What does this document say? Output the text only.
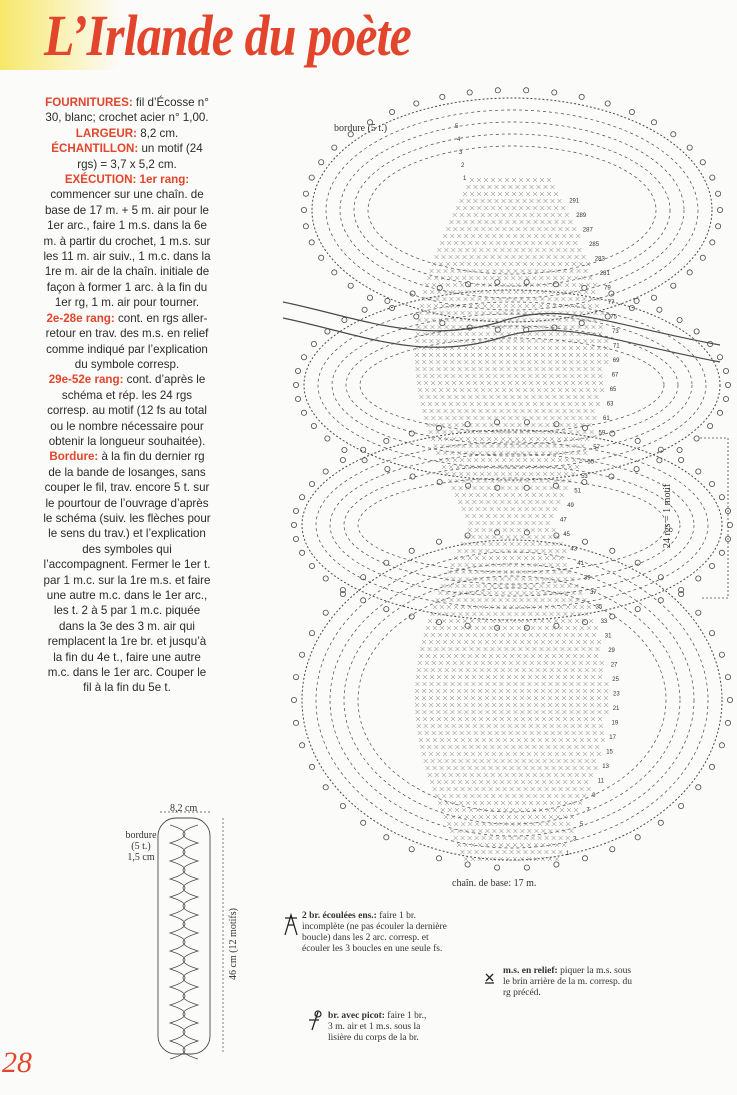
L’Irlande du poète

FOURNITURES: fil d’Écosse n° 30, blanc; crochet acier n° 1,00.

LARGEUR: 8,2 cm.

ÉCHANTILLON: un motif (24 rgs) = 3,7 x 5,2 cm.

EXÉCUTION: 1er rang: commencer sur une chaîn. de base de 17 m. + 5 m. air pour le 1er arc., faire 1 m.s. dans la 6e m. à partir du crochet, 1 m.s. sur les 11 m. air suiv., 1 m.c. dans la 1re m. air de la chaîn. initiale de façon à former 1 arc. à la fin du 1er rg, 1 m. air pour tourner.

2e-28e rang: cont. en rgs aller-retour en trav. des m.s. en relief comme indiqué par l’explication du symbole corresp.

29e-52e rang: cont. d’après le schéma et rép. les 24 rgs corresp. au motif (12 fs au total ou le nombre nécessaire pour obtenir la longueur souhaitée).

Bordure: à la fin du dernier rg de la bande de losanges, sans couper le fil, trav. encore 5 t. sur le pourtour de l’ouvrage d’après le schéma (suiv. les flèches pour le sens du trav.) et l’explication des symboles qui l’accompagnent. Fermer le 1er t. par 1 m.c. sur la 1re m.s. et faire une autre m.c. dans le 1er arc., les t. 2 à 5 par 1 m.c. piquée dans la 3e des 3 m. air qui remplacent la 1re br. et jusqu’à la fin du 4e t., faire une autre m.c. dans le 1er arc. Couper le fil à la fin du 5e t.

1
3
5
7
9
11
13
15
17
19
21
23
25
27
29
31
33
35
37
39
41
43
45
47
49
51
53
55
57
59
61
63
65
67
69
71
73
75
77
79
281
283
285
287
289
291
1
2
3
4
5
bordure (5 t.)
chaîn. de base: 17 m.
24 rgs = 1 motif
8,2 cm
bordure
(5 t.)
1,5 cm
46 cm (12 motifs)	2 br. écoulées ens.: faire 1 br. incomplète (ne pas écouler la dernière boucle) dans les 2 arc. corresp. et écouler les 3 boucles en une seule fs.
m.s. en relief: piquer la m.s. sous le brin arrière de la m. corresp. du rg précéd.
br. avec picot: faire 1 br., 3 m. air et 1 m.s. sous la lisière du corps de la br.
28
